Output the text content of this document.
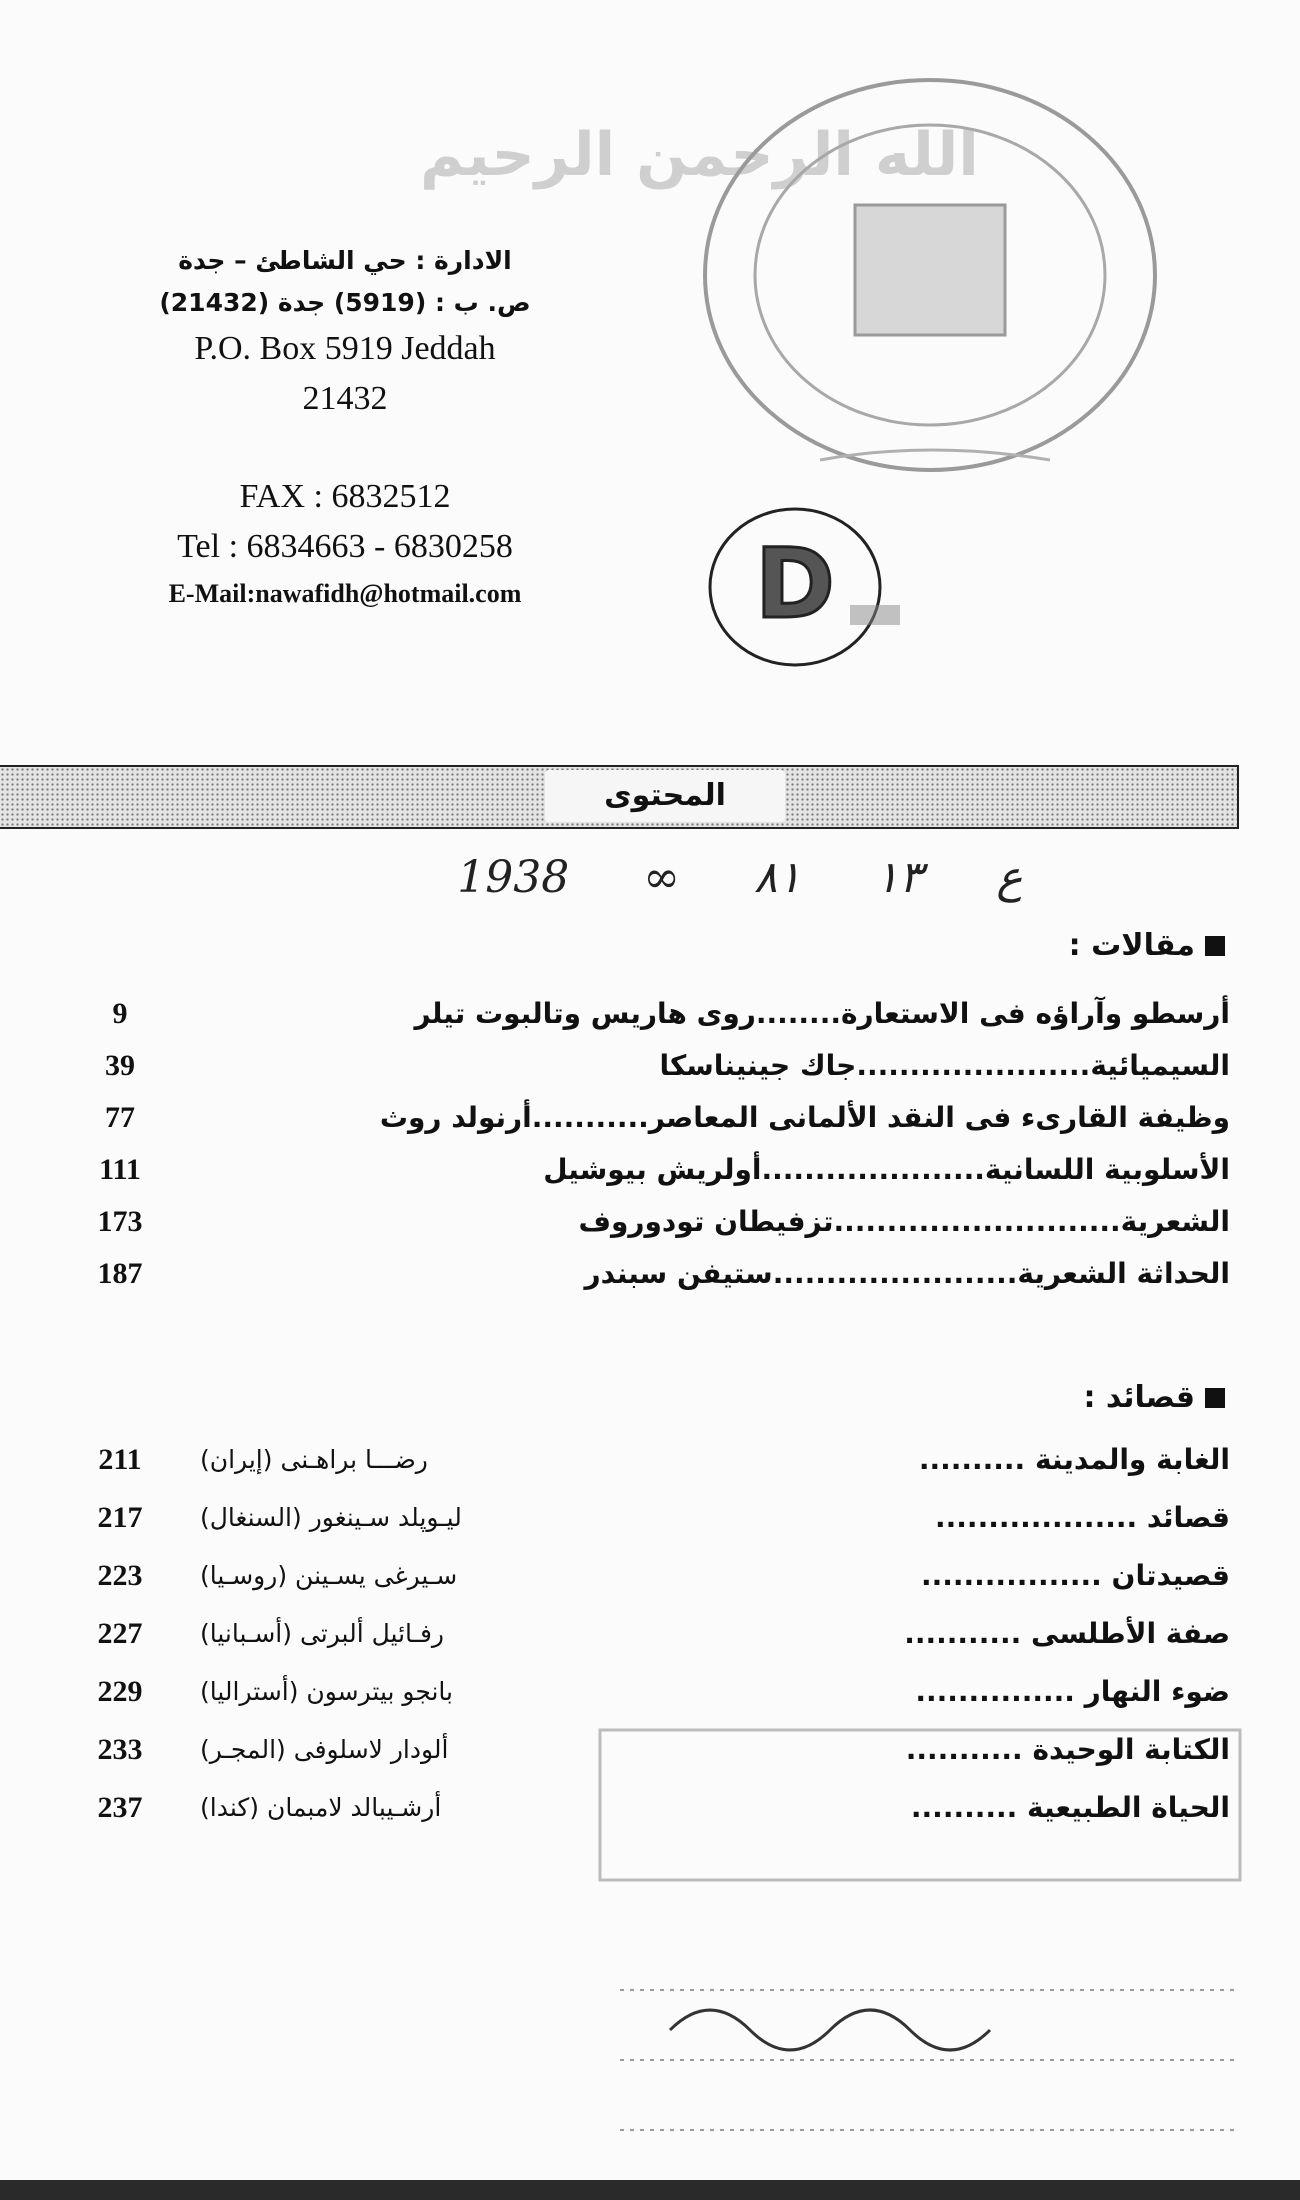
الله الرحمن الرحيم
D
الادارة : حي الشاطئ – جدة
ص. ب : (5919) جدة (21432)
P.O. Box 5919 Jeddah
21432
FAX : 6832512
Tel : 6834663 - 6830258
E-Mail:nawafidh@hotmail.com
المحتوى
1938 ∞ ع ١٣ ٨١
مقالات :
أرسطو وآراؤه فى الاستعارة........روى هاريس وتالبوت تيلر
9
السيميائية......................جاك جينيناسكا
39
وظيفة القارىء فى النقد الألمانى المعاصر...........أرنولد روث
77
الأسلوبية اللسانية.....................أولريش بيوشيل
111
الشعرية...........................تزفيطان تودوروف
173
الحداثة الشعرية.......................ستيفن سبندر
187
قصائد :
الغابة والمدينة ..........
رضـــا براهـنى (إيران)
211
قصائد ...................
ليـوپلد سـينغور (السنغال)
217
قصيدتان .................
سـيرغى يسـينن (روسـيا)
223
صفة الأطلسى ...........
رفـائيل ألبرتى (أسـبانيا)
227
ضوء النهار ...............
بانجو بيترسون (أستراليا)
229
الكتابة الوحيدة ...........
ألودار لاسلوفى (المجـر)
233
الحياة الطبيعية ..........
أرشـيبالد لامبمان (كندا)
237
